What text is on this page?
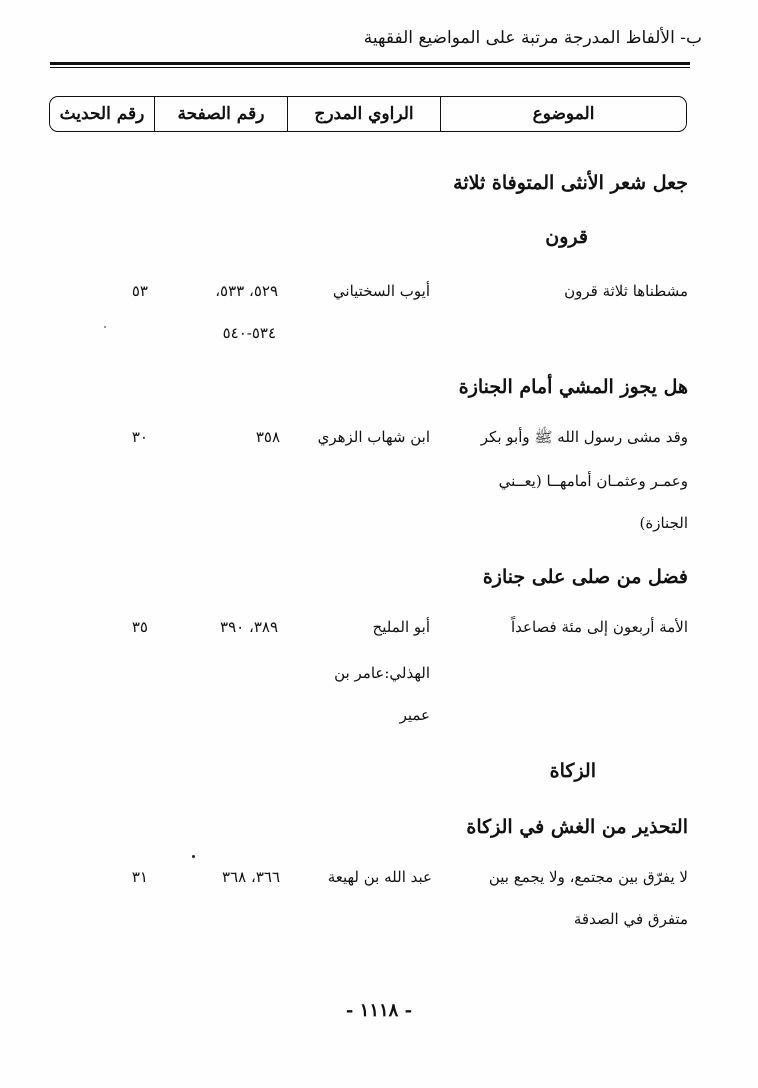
ب- الألفاظ المدرجة مرتبة على المواضيع الفقهية
الموضوع
الراوي المدرج
رقم الصفحة
رقم الحديث
جعل شعر الأنثى المتوفاة ثلاثة
قرون
مشطناها ثلاثة قرون
أيوب السختياني
٥٢٩، ٥٣٣،
٥٣٤-٥٤٠
٥٣
هل يجوز المشي أمام الجنازة
وقد مشى رسول الله ﷺ وأبو بكر
وعمـر وعثمـان أمامهــا (يعــني
الجنازة)
ابن شهاب الزهري
٣٥٨
٣٠
فضل من صلى على جنازة
الأمة أربعون إلى مئة فصاعداً
أبو المليح
الهذلي:عامر بن
عمير
٣٨٩، ٣٩٠
٣٥
الزكاة
التحذير من الغش في الزكاة
لا يفرّق بين مجتمع، ولا يجمع بين
متفرق في الصدقة
عبد الله بن لهيعة
٣٦٦، ٣٦٨
٣١
- ١١١٨ -
